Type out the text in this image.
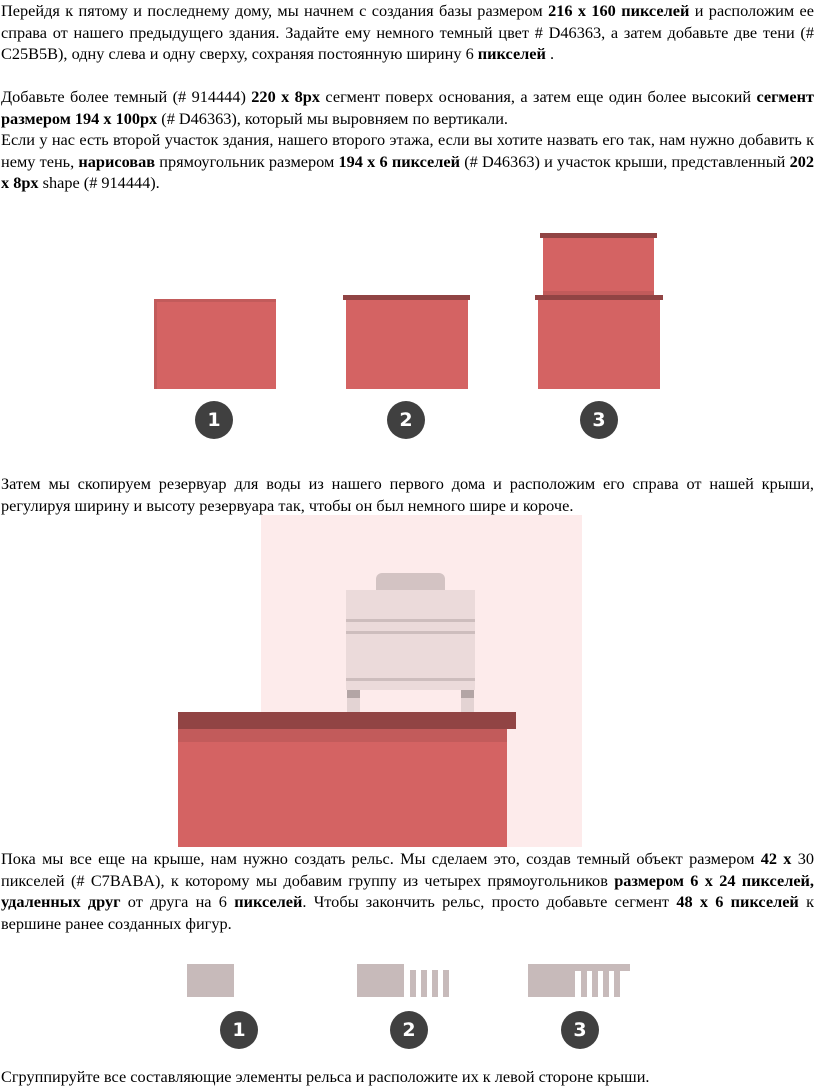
Перейдя к пятому и последнему дому, мы начнем с создания базы размером 216 x 160 пикселей и расположим ее справа от нашего предыдущего здания. Задайте ему немного темный цвет # D46363, а затем добавьте две тени (# C25B5B), одну слева и одну сверху, сохраняя постоянную ширину 6 пикселей .

Добавьте более темный (# 914444) 220 x 8px сегмент поверх основания, а затем еще один более высокий сегмент размером 194 x 100px (# D46363), который мы выровняем по вертикали.

Если у нас есть второй участок здания, нашего второго этажа, если вы хотите назвать его так, нам нужно добавить к нему тень, нарисовав прямоугольник размером 194 x 6 пикселей (# D46363) и участок крыши, представленный 202 x 8px shape (# 914444).

1	2	3

Затем мы скопируем резервуар для воды из нашего первого дома и расположим его справа от нашей крыши, регулируя ширину и высоту резервуара так, чтобы он был немного шире и короче.

Пока мы все еще на крыше, нам нужно создать рельс. Мы сделаем это, создав темный объект размером 42 x 30 пикселей (# C7BABA), к которому мы добавим группу из четырех прямоугольников размером 6 x 24 пикселей, удаленных друг от друга на 6 пикселей. Чтобы закончить рельс, просто добавьте сегмент 48 x 6 пикселей к вершине ранее созданных фигур.

1	2	3

Сгруппируйте все составляющие элементы рельса и расположите их к левой стороне крыши.
